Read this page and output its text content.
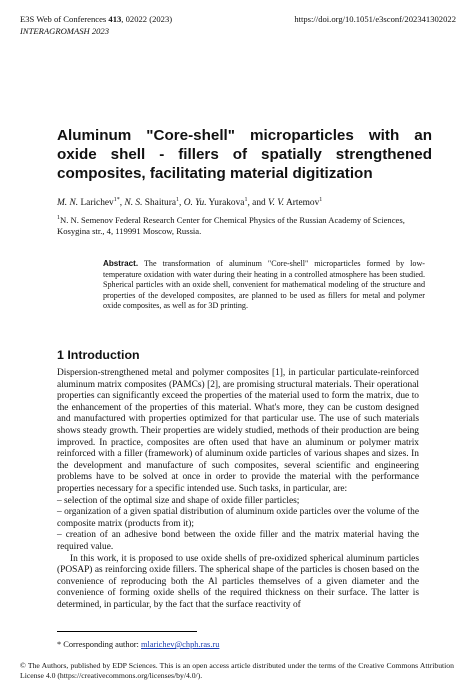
E3S Web of Conferences 413, 02022 (2023)	https://doi.org/10.1051/e3sconf/202341302022
INTERAGROMASH 2023
Aluminum "Core-shell" microparticles with an oxide shell - fillers of spatially strengthened composites, facilitating material digitization
M. N. Larichev$^{1*}$, N. S. Shaitura$^1$, O. Yu. Yurakova$^1$, and V. V. Artemov$^1$
$^1$N. N. Semenov Federal Research Center for Chemical Physics of the Russian Academy of Sciences, Kosygina str., 4, 119991 Moscow, Russia.
Abstract. The transformation of aluminum "Core-shell" microparticles formed by low-temperature oxidation with water during their heating in a controlled atmosphere has been studied. Spherical particles with an oxide shell, convenient for mathematical modeling of the structure and properties of the developed composites, are planned to be used as fillers for metal and polymer oxide composites, as well as for 3D printing.
1 Introduction

Dispersion-strengthened metal and polymer composites [1], in particular particulate-reinforced aluminum matrix composites (PAMCs) [2], are promising structural materials. Their operational properties can significantly exceed the properties of the material used to form the matrix, due to the enhancement of the properties of this material. What's more, they can be custom designed and manufactured with properties optimized for that particular use. The use of such materials shows steady growth. Their properties are widely studied, methods of their production are being improved. In practice, composites are often used that have an aluminum or polymer matrix reinforced with a filler (framework) of aluminum oxide particles of various shapes and sizes. In the development and manufacture of such composites, several scientific and engineering problems have to be solved at once in order to provide the material with the performance properties necessary for a specific intended use. Such tasks, in particular, are:

– selection of the optimal size and shape of oxide filler particles;

– organization of a given spatial distribution of aluminum oxide particles over the volume of the composite matrix (products from it);

– creation of an adhesive bond between the oxide filler and the matrix material having the required value.

In this work, it is proposed to use oxide shells of pre-oxidized spherical aluminum particles (POSAP) as reinforcing oxide fillers. The spherical shape of the particles is chosen based on the convenience of reproducing both the Al particles themselves of a given diameter and the convenience of forming oxide shells of the required thickness on their surface. The latter is determined, in particular, by the fact that the surface reactivity of

* Corresponding author: mlarichev@chph.ras.ru
© The Authors, published by EDP Sciences. This is an open access article distributed under the terms of the Creative Commons Attribution License 4.0 (https://creativecommons.org/licenses/by/4.0/).
